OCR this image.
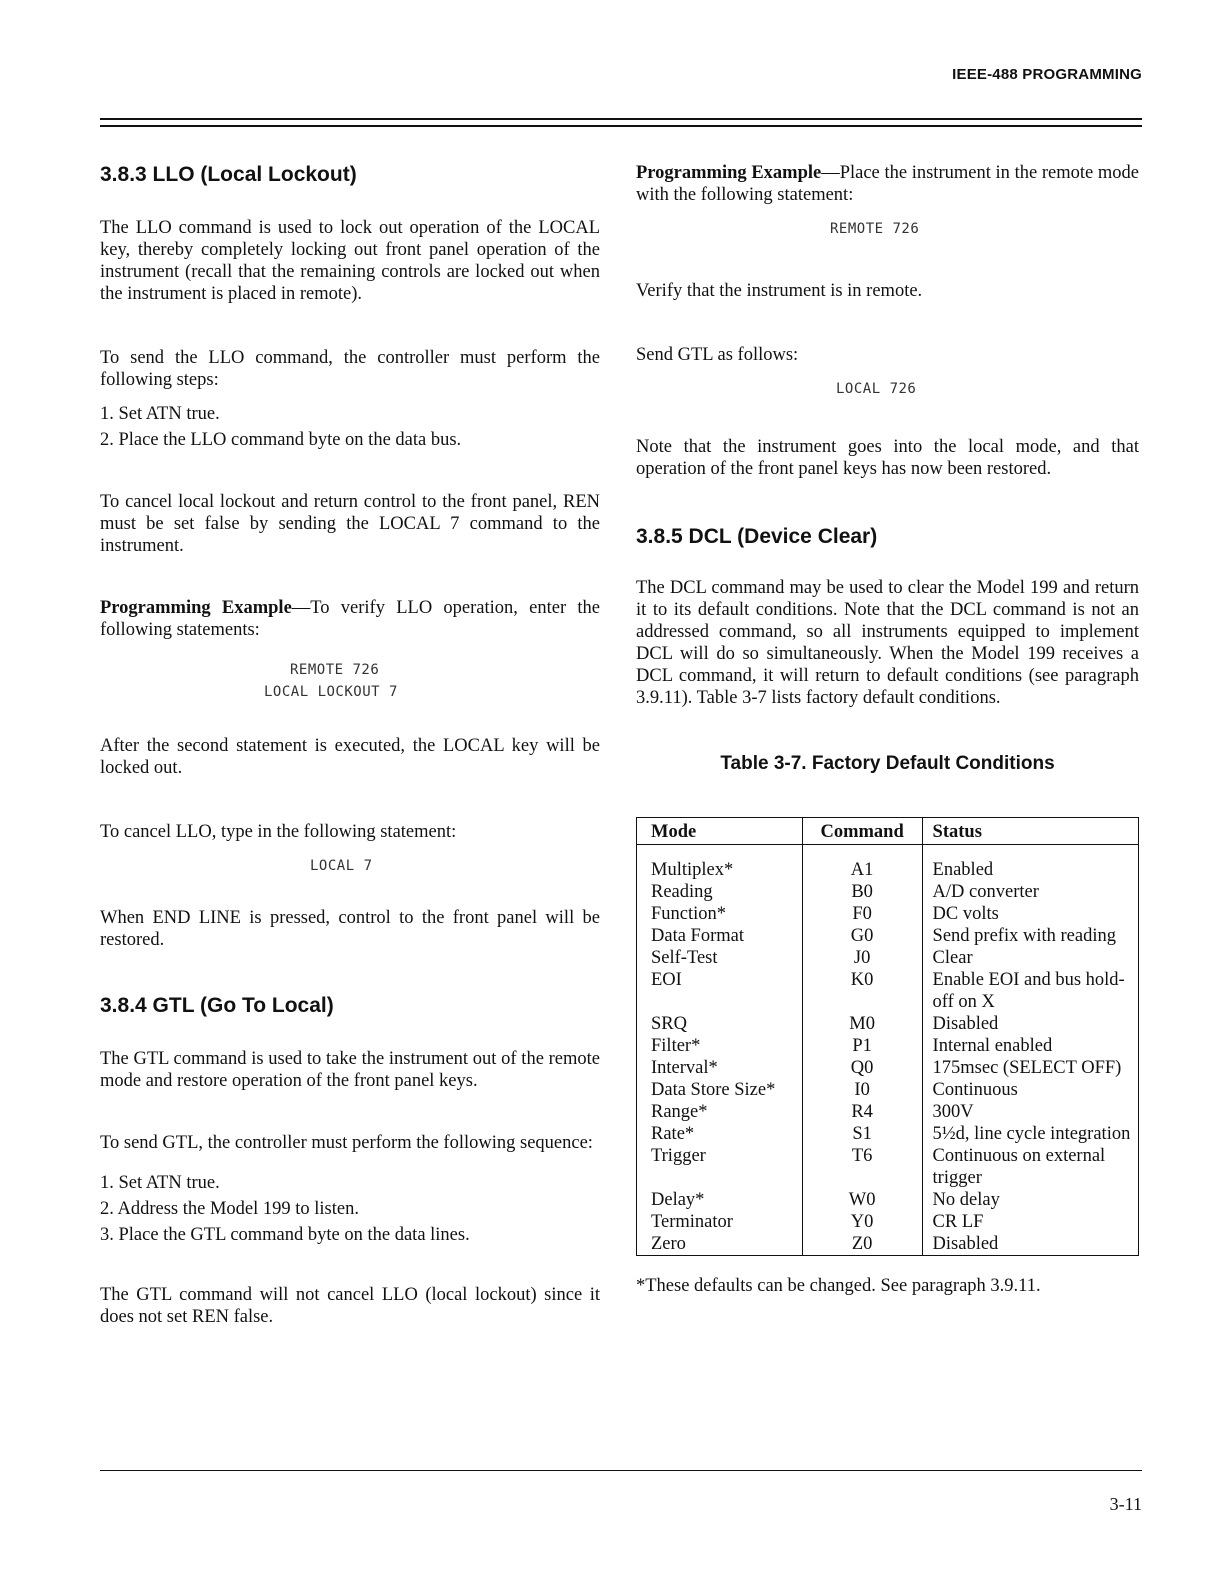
IEEE-488 PROGRAMMING
3.8.3 LLO (Local Lockout)

The LLO command is used to lock out operation of the LOCAL key, thereby completely locking out front panel operation of the instrument (recall that the remaining controls are locked out when the instrument is placed in remote).

To send the LLO command, the controller must perform the following steps:

1. Set ATN true.
2. Place the LLO command byte on the data bus.

To cancel local lockout and return control to the front panel, REN must be set false by sending the LOCAL 7 command to the instrument.

Programming Example—To verify LLO operation, enter the following statements:

REMOTE 726
LOCAL LOCKOUT 7

After the second statement is executed, the LOCAL key will be locked out.

To cancel LLO, type in the following statement:

LOCAL 7

When END LINE is pressed, control to the front panel will be restored.

3.8.4 GTL (Go To Local)

The GTL command is used to take the instrument out of the remote mode and restore operation of the front panel keys.

To send GTL, the controller must perform the following sequence:

1. Set ATN true.
2. Address the Model 199 to listen.
3. Place the GTL command byte on the data lines.

The GTL command will not cancel LLO (local lockout) since it does not set REN false.

Programming Example—Place the instrument in the remote mode with the following statement:

REMOTE 726

Verify that the instrument is in remote.

Send GTL as follows:

LOCAL 726

Note that the instrument goes into the local mode, and that operation of the front panel keys has now been restored.

3.8.5 DCL (Device Clear)

The DCL command may be used to clear the Model 199 and return it to its default conditions. Note that the DCL command is not an addressed command, so all instruments equipped to implement DCL will do so simultaneously. When the Model 199 receives a DCL command, it will return to default conditions (see paragraph 3.9.11). Table 3-7 lists factory default conditions.

Table 3-7. Factory Default Conditions
Mode	Command	Status

Multiplex*	A1	Enabled
Reading	B0	A/D converter
Function*	F0	DC volts
Data Format	G0	Send prefix with reading
Self-Test	J0	Clear
EOI	K0	Enable EOI and bus hold-off on X
SRQ	M0	Disabled
Filter*	P1	Internal enabled
Interval*	Q0	175msec (SELECT OFF)
Data Store Size*	I0	Continuous
Range*	R4	300V
Rate*	S1	5½d, line cycle integration
Trigger	T6	Continuous on external trigger
Delay*	W0	No delay
Terminator	Y0	CR LF
Zero	Z0	Disabled
*These defaults can be changed. See paragraph 3.9.11.
3-11
